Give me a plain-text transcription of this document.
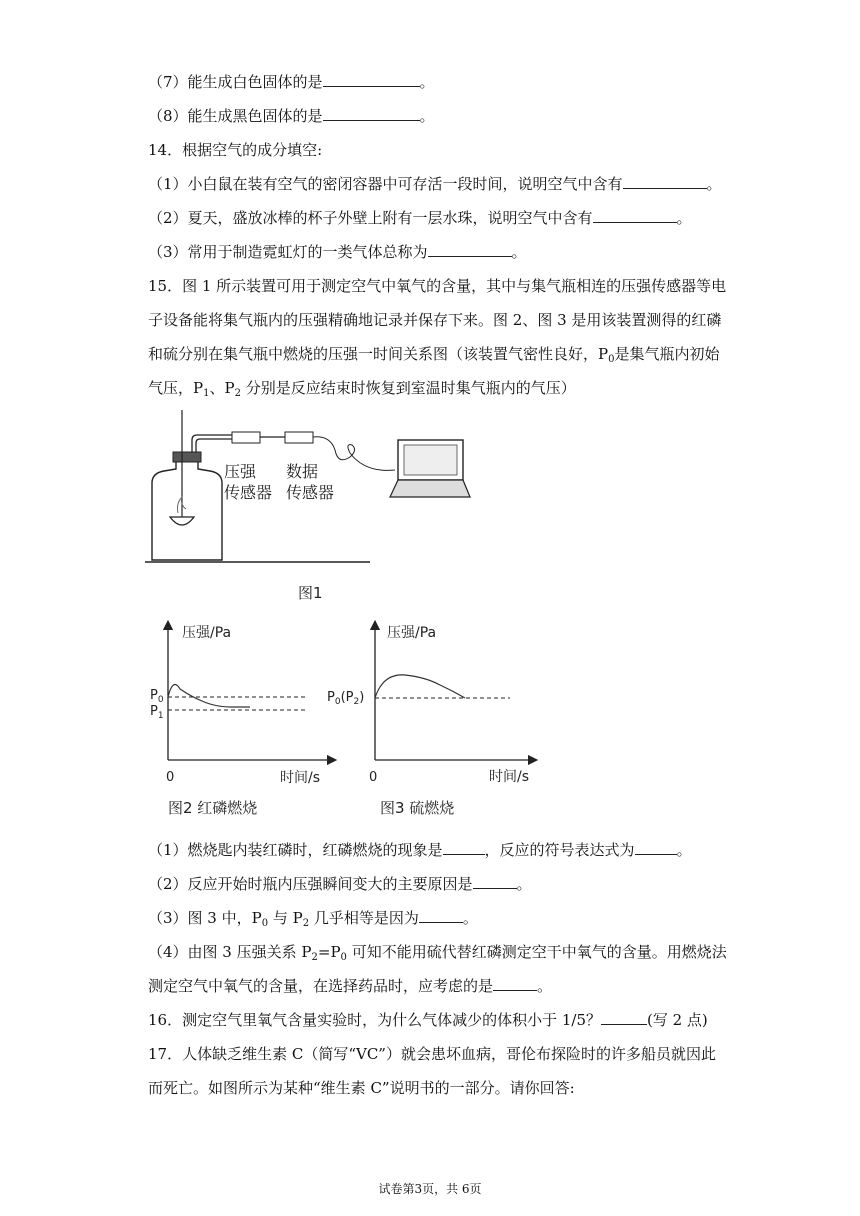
（7）能生成白色固体的是	。
（8）能生成黑色固体的是	。
14．根据空气的成分填空:
（1）小白鼠在装有空气的密闭容器中可存活一段时间，说明空气中含有	。
（2）夏天，盛放冰棒的杯子外壁上附有一层水珠，说明空气中含有	。
（3）常用于制造霓虹灯的一类气体总称为	。
15．图 1 所示装置可用于测定空气中氧气的含量，其中与集气瓶相连的压强传感器等电
子设备能将集气瓶内的压强精确地记录并保存下来。图 2、图 3 是用该装置测得的红磷
和硫分别在集气瓶中燃烧的压强一时间关系图（该装置气密性良好，$P_0$是集气瓶内初始
气压，$P_1$、$P_2$ 分别是反应结束时恢复到室温时集气瓶内的气压）
压强
传感器
数据
传感器
图1
压强/Pa
时间/s
0
$P_0$
$P_1$
图2 红磷燃烧
压强/Pa
时间/s
0
$P_0(P_2)$
图3 硫燃烧
（1）燃烧匙内装红磷时，红磷燃烧的现象是	，反应的符号表达式为	。
（2）反应开始时瓶内压强瞬间变大的主要原因是	。
（3）图 3 中，$P_0$ 与 $P_2$ 几乎相等是因为	。
（4）由图 3 压强关系 $P_2=P_0$ 可知不能用硫代替红磷测定空干中氧气的含量。用燃烧法
测定空气中氧气的含量，在选择药品时，应考虑的是	。
16．测定空气里氧气含量实验时，为什么气体减少的体积小于 1/5？	(写 2 点)
17．人体缺乏维生素 C（简写“VC”）就会患坏血病，哥伦布探险时的许多船员就因此
而死亡。如图所示为某种“维生素 C”说明书的一部分。请你回答:
试卷第3页，共 6页
